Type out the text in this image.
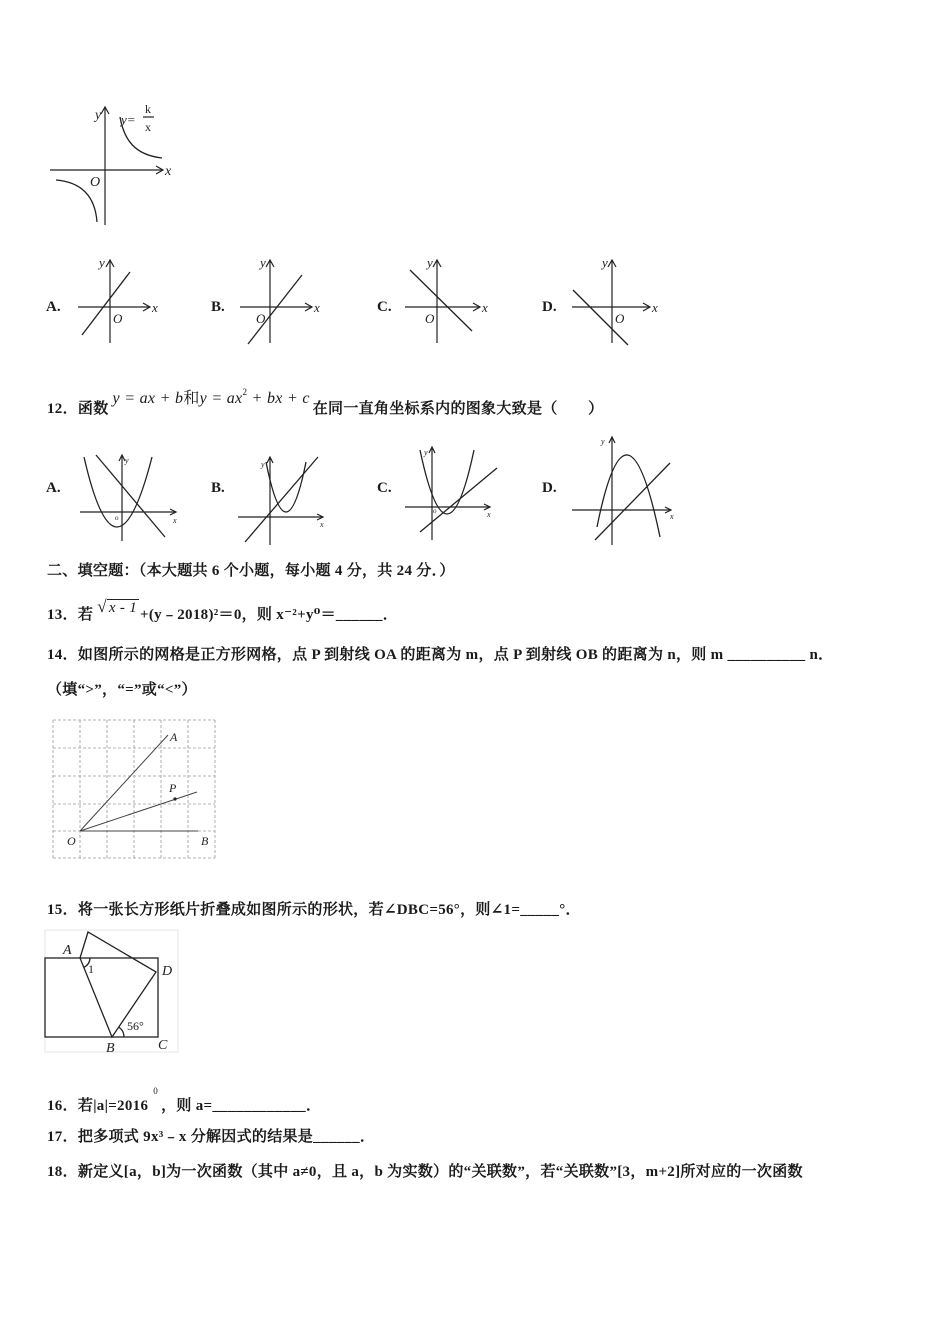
y y=
k
x
O
x
A.
y
x
O
B.
y
x
O
C.
y
x
O
D.
y
x
O
12．函数y = ax + b和$y = ax^2$ + bx + c在同一直角坐标系内的图象大致是（　　）
A.
y
x
o
B.
y
x
C.
y
x
o
D.
y
x
二、填空题：（本大题共 6 个小题，每小题 4 分，共 24 分．）
13．若 √ x - 1 +(y﹣2018)²＝0，则 x⁻²+y⁰＝______．
14．如图所示的网格是正方形网格，点 P 到射线 OA 的距离为 m，点 P 到射线 OB 的距离为 n，则 m __________ n．
（填“>”，“=”或“<”）
A
P
O	B
15．将一张长方形纸片折叠成如图所示的形状，若∠DBC=56°，则∠1=_____°．
A
1	D
56°
B	C
16．若|a|=20160，则 a=____________．
17．把多项式 9x³﹣x 分解因式的结果是______．
18．新定义[a，b]为一次函数（其中 a≠0，且 a，b 为实数）的“关联数”，若“关联数”[3，m+2]所对应的一次函数
